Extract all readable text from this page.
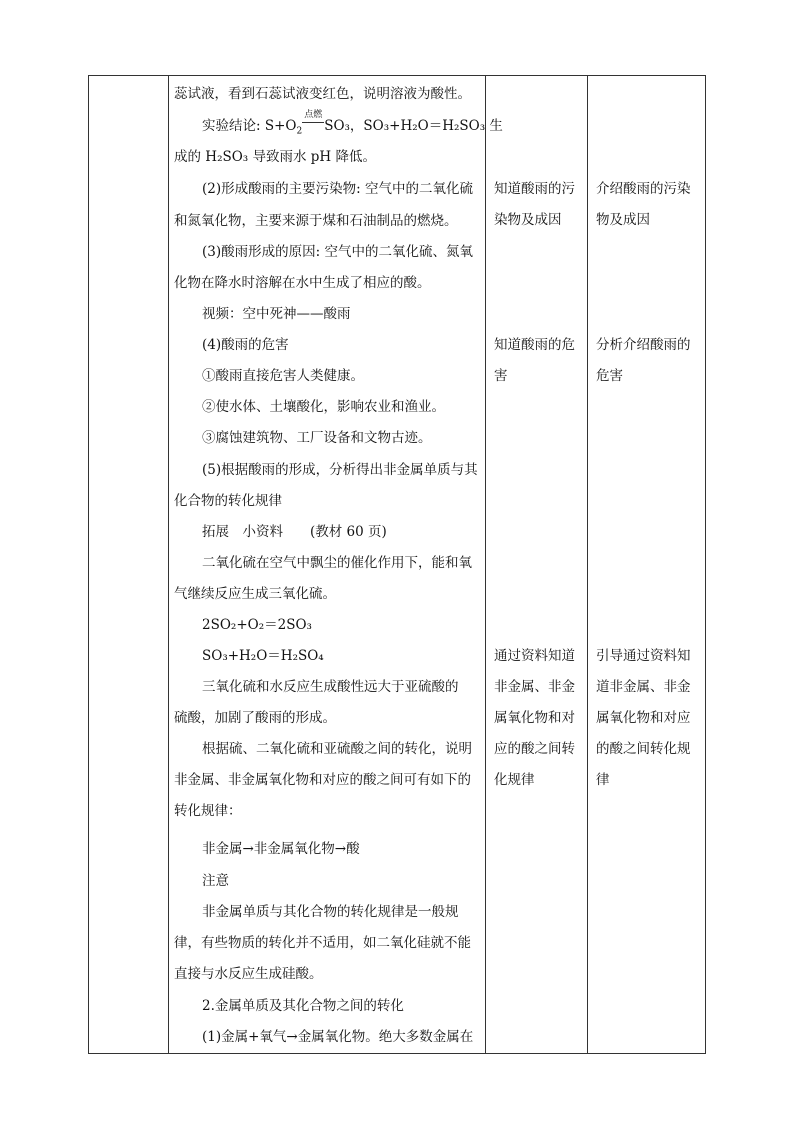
蕊试液，看到石蕊试液变红色，说明溶液为酸性。
实验结论: $S+O_2$
点燃
SO₃，SO₃+H₂O＝H₂SO₃ 生
成的 H₂SO₃ 导致雨水 pH 降低。
(2)形成酸雨的主要污染物: 空气中的二氧化硫
和氮氧化物，主要来源于煤和石油制品的燃烧。
(3)酸雨形成的原因: 空气中的二氧化硫、氮氧
化物在降水时溶解在水中生成了相应的酸。
视频：空中死神——酸雨
(4)酸雨的危害
①酸雨直接危害人类健康。
②使水体、土壤酸化，影响农业和渔业。
③腐蚀建筑物、工厂设备和文物古迹。
(5)根据酸雨的形成，分析得出非金属单质与其
化合物的转化规律
拓展　小资料　　(教材 60 页)
二氧化硫在空气中飘尘的催化作用下，能和氧
气继续反应生成三氧化硫。
2SO₂+O₂＝2SO₃
SO₃+H₂O＝H₂SO₄
三氧化硫和水反应生成酸性远大于亚硫酸的
硫酸，加剧了酸雨的形成。
根据硫、二氧化硫和亚硫酸之间的转化，说明
非金属、非金属氧化物和对应的酸之间可有如下的
转化规律：
非金属→非金属氧化物→酸
注意
非金属单质与其化合物的转化规律是一般规
律，有些物质的转化并不适用，如二氧化硅就不能
直接与水反应生成硅酸。
2.金属单质及其化合物之间的转化
(1)金属+氧气→金属氧化物。绝大多数金属在
知道酸雨的污
染物及成因
知道酸雨的危
害
通过资料知道
非金属、非金
属氧化物和对
应的酸之间转
化规律
介绍酸雨的污染
物及成因
分析介绍酸雨的
危害
引导通过资料知
道非金属、非金
属氧化物和对应
的酸之间转化规
律
